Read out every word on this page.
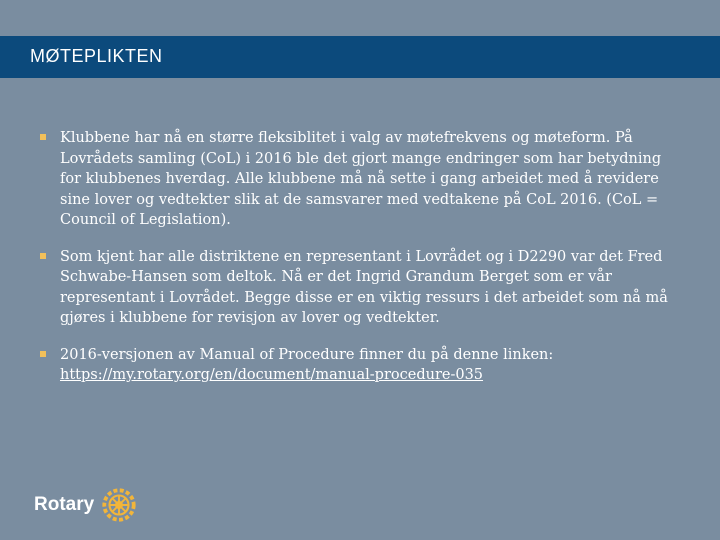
MØTEPLIKTEN
Klubbene har nå en større fleksiblitet i valg av møtefrekvens og møteform. På Lovrådets samling (CoL) i 2016 ble det gjort mange endringer som har betydning for klubbenes hverdag. Alle klubbene må nå sette i gang arbeidet med å revidere sine lover og vedtekter slik at de samsvarer med vedtakene på CoL 2016. (CoL = Council of Legislation).
Som kjent har alle distriktene en representant i Lovrådet og i D2290 var det Fred Schwabe-Hansen som deltok. Nå er det Ingrid Grandum Berget som er vår representant i Lovrådet. Begge disse er en viktig ressurs i det arbeidet som nå må gjøres i klubbene for revisjon av lover og vedtekter.
2016-versjonen av Manual of Procedure finner du på denne linken:
https://my.rotary.org/en/document/manual-procedure-035
Rotary
